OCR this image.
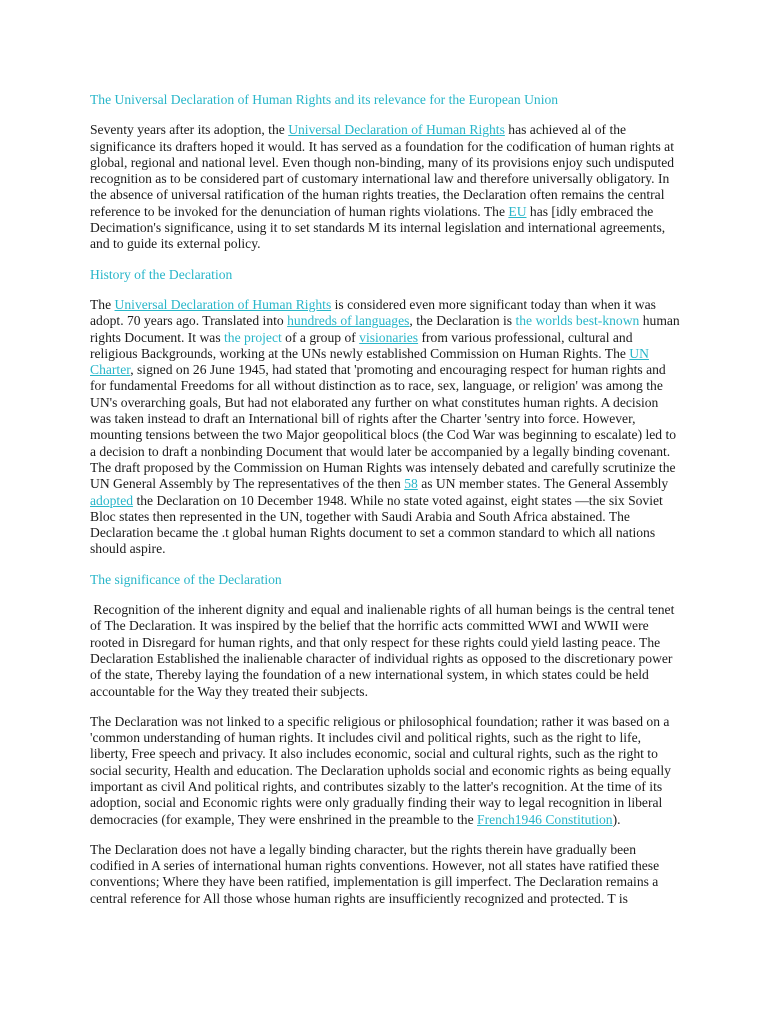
The Universal Declaration of Human Rights and its relevance for the European Union
Seventy years after its adoption, the Universal Declaration of Human Rights has achieved al of the significance its drafters hoped it would. It has served as a foundation for the codification of human rights at global, regional and national level. Even though non-binding, many of its provisions enjoy such undisputed recognition as to be considered part of customary international law and therefore universally obligatory. In the absence of universal ratification of the human rights treaties, the Declaration often remains the central reference to be invoked for the denunciation of human rights violations. The EU has [idly embraced the Decimation's significance, using it to set standards M its internal legislation and international agreements, and to guide its external policy.
History of the Declaration
The Universal Declaration of Human Rights is considered even more significant today than when it was adopt. 70 years ago. Translated into hundreds of languages, the Declaration is the worlds best-known human rights Document. It was the project of a group of visionaries from various professional, cultural and religious Backgrounds, working at the UNs newly established Commission on Human Rights. The UN Charter, signed on 26 June 1945, had stated that 'promoting and encouraging respect for human rights and for fundamental Freedoms for all without distinction as to race, sex, language, or religion' was among the UN's overarching goals, But had not elaborated any further on what constitutes human rights. A decision was taken instead to draft an International bill of rights after the Charter 'sentry into force. However, mounting tensions between the two Major geopolitical blocs (the Cod War was beginning to escalate) led to a decision to draft a nonbinding Document that would later be accompanied by a legally binding covenant. The draft proposed by the Commission on Human Rights was intensely debated and carefully scrutinize the UN General Assembly by The representatives of the then 58 as UN member states. The General Assembly adopted the Declaration on 10 December 1948. While no state voted against, eight states —the six Soviet Bloc states then represented in the UN, together with Saudi Arabia and South Africa abstained. The Declaration became the .t global human Rights document to set a common standard to which all nations should aspire.
The significance of the Declaration
Recognition of the inherent dignity and equal and inalienable rights of all human beings is the central tenet of The Declaration. It was inspired by the belief that the horrific acts committed WWI and WWII were rooted in Disregard for human rights, and that only respect for these rights could yield lasting peace. The Declaration Established the inalienable character of individual rights as opposed to the discretionary power of the state, Thereby laying the foundation of a new international system, in which states could be held accountable for the Way they treated their subjects.
The Declaration was not linked to a specific religious or philosophical foundation; rather it was based on a 'common understanding of human rights. It includes civil and political rights, such as the right to life, liberty, Free speech and privacy. It also includes economic, social and cultural rights, such as the right to social security, Health and education. The Declaration upholds social and economic rights as being equally important as civil And political rights, and contributes sizably to the latter's recognition. At the time of its adoption, social and Economic rights were only gradually finding their way to legal recognition in liberal democracies (for example, They were enshrined in the preamble to the French1946 Constitution).
The Declaration does not have a legally binding character, but the rights therein have gradually been codified in A series of international human rights conventions. However, not all states have ratified these conventions; Where they have been ratified, implementation is gill imperfect. The Declaration remains a central reference for All those whose human rights are insufficiently recognized and protected. T is
